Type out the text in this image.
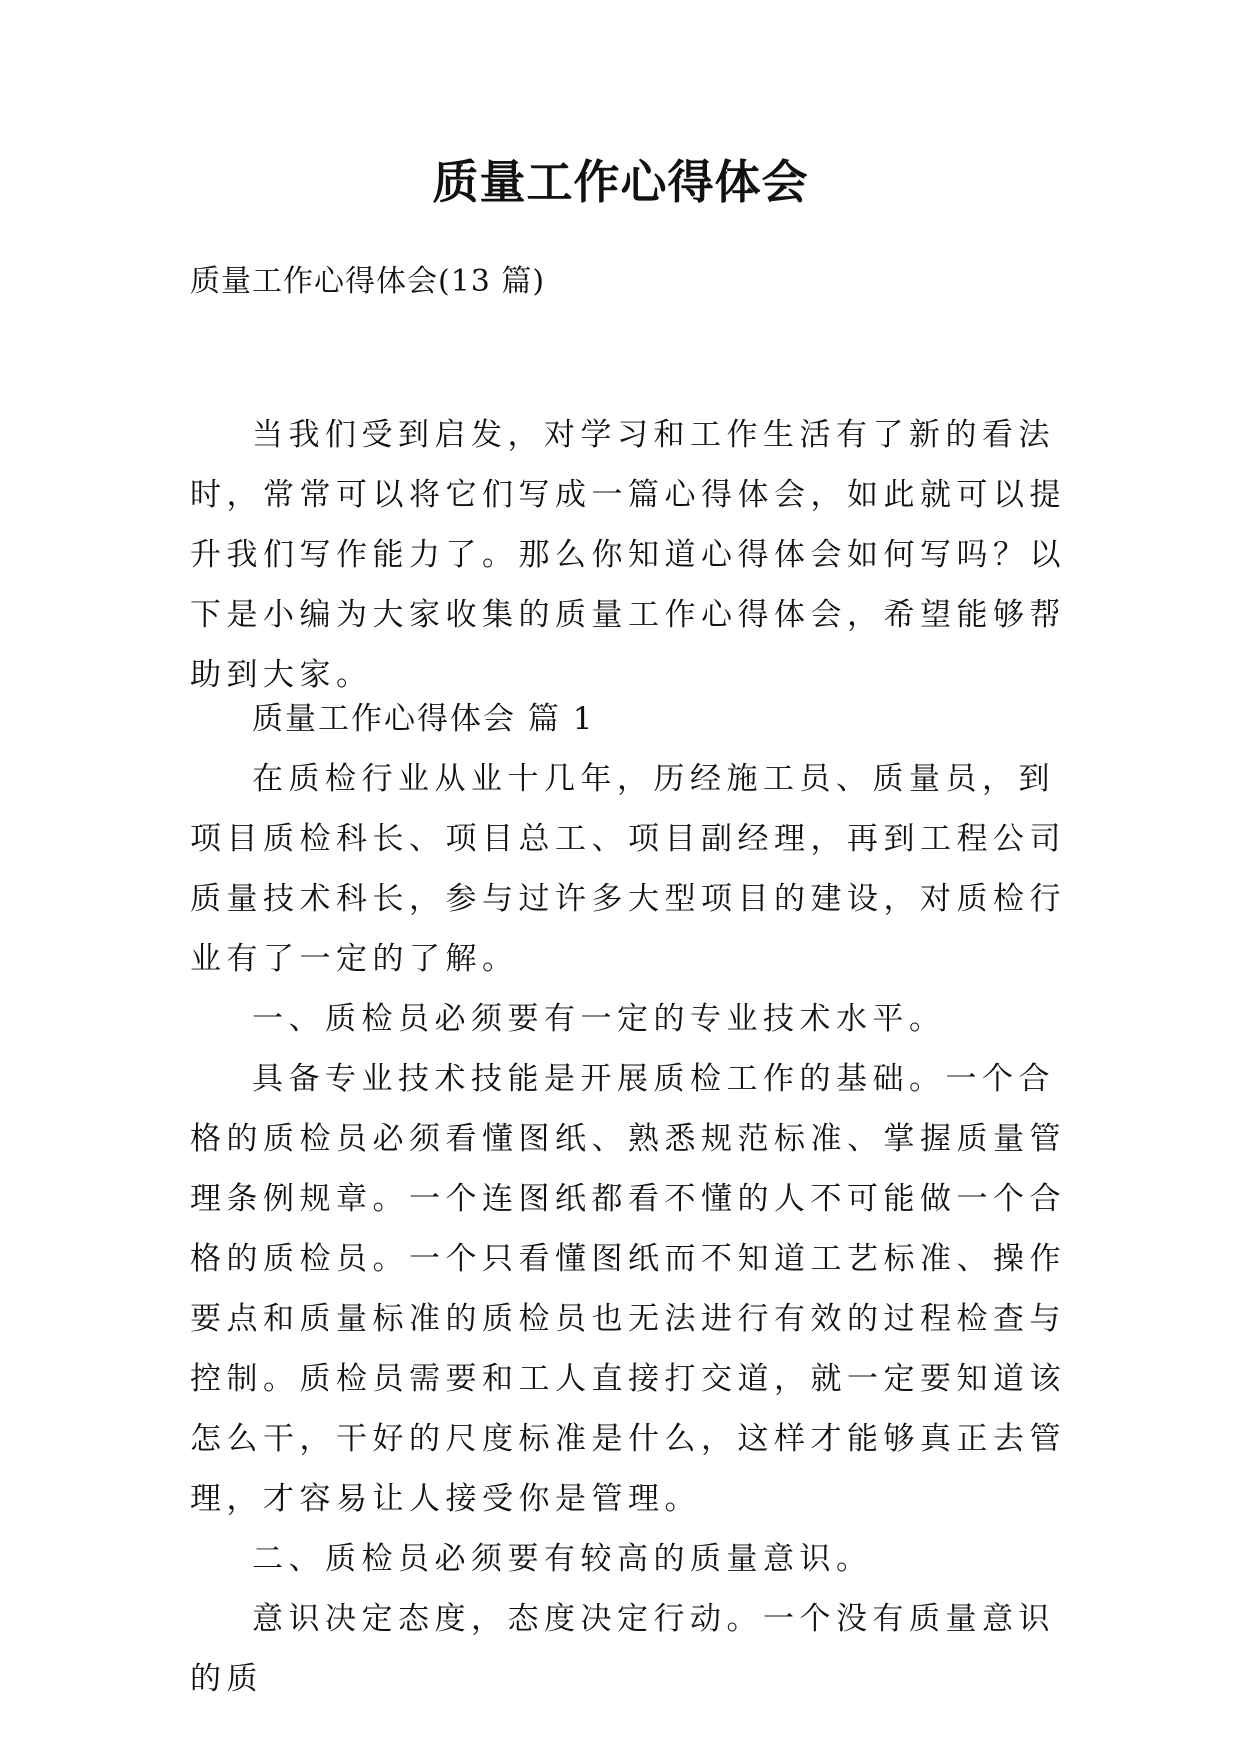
质量工作心得体会
质量工作心得体会(13 篇)

当我们受到启发，对学习和工作生活有了新的看法时，常常可以将它们写成一篇心得体会，如此就可以提升我们写作能力了。那么你知道心得体会如何写吗？以下是小编为大家收集的质量工作心得体会，希望能够帮助到大家。

质量工作心得体会 篇 1

在质检行业从业十几年，历经施工员、质量员，到项目质检科长、项目总工、项目副经理，再到工程公司质量技术科长，参与过许多大型项目的建设，对质检行业有了一定的了解。

一、质检员必须要有一定的专业技术水平。

具备专业技术技能是开展质检工作的基础。一个合格的质检员必须看懂图纸、熟悉规范标准、掌握质量管理条例规章。一个连图纸都看不懂的人不可能做一个合格的质检员。一个只看懂图纸而不知道工艺标准、操作要点和质量标准的质检员也无法进行有效的过程检查与控制。质检员需要和工人直接打交道，就一定要知道该怎么干，干好的尺度标准是什么，这样才能够真正去管理，才容易让人接受你是管理。

二、质检员必须要有较高的质量意识。

意识决定态度，态度决定行动。一个没有质量意识的质
